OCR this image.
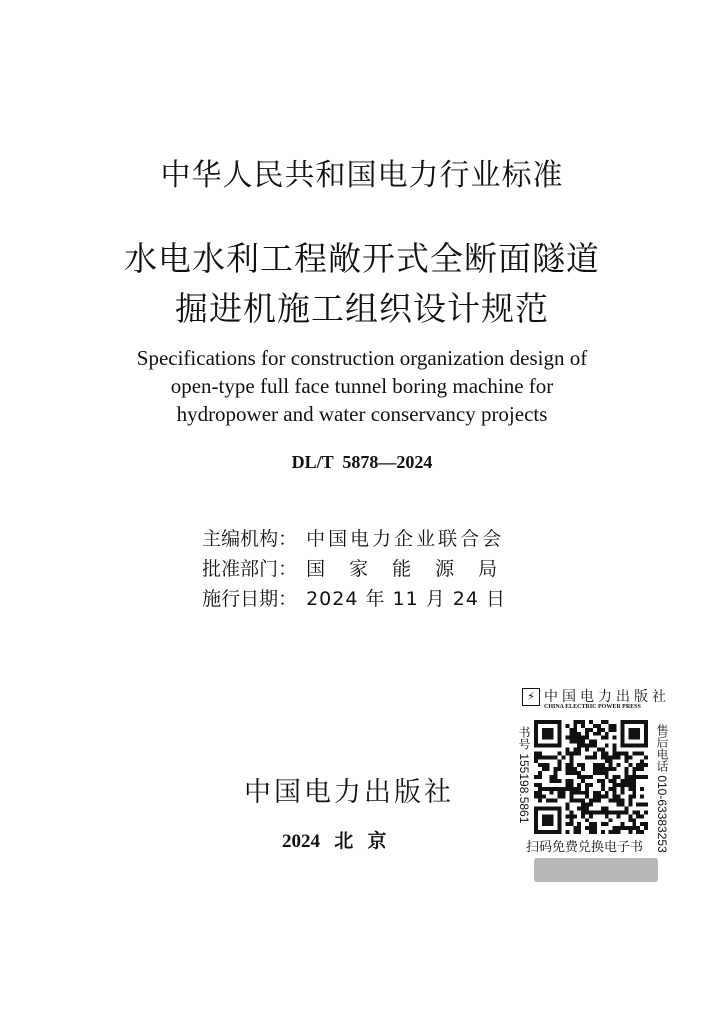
中华人民共和国电力行业标准
水电水利工程敞开式全断面隧道
掘进机施工组织设计规范
Specifications for construction organization design of
open-type full face tunnel boring machine for
hydropower and water conservancy projects
DL/T  5878—2024

主编机构： 中国电力企业联合会

批准部门： 国家能源局

施行日期： 2024 年 11 月 24 日

中国电力出版社
2024   北   京
⚡ 中国电力出版社
CHINA ELECTRIC POWER PRESS
书号 155198.5861	售后电话 010-63383253
扫码免费兑换电子书
